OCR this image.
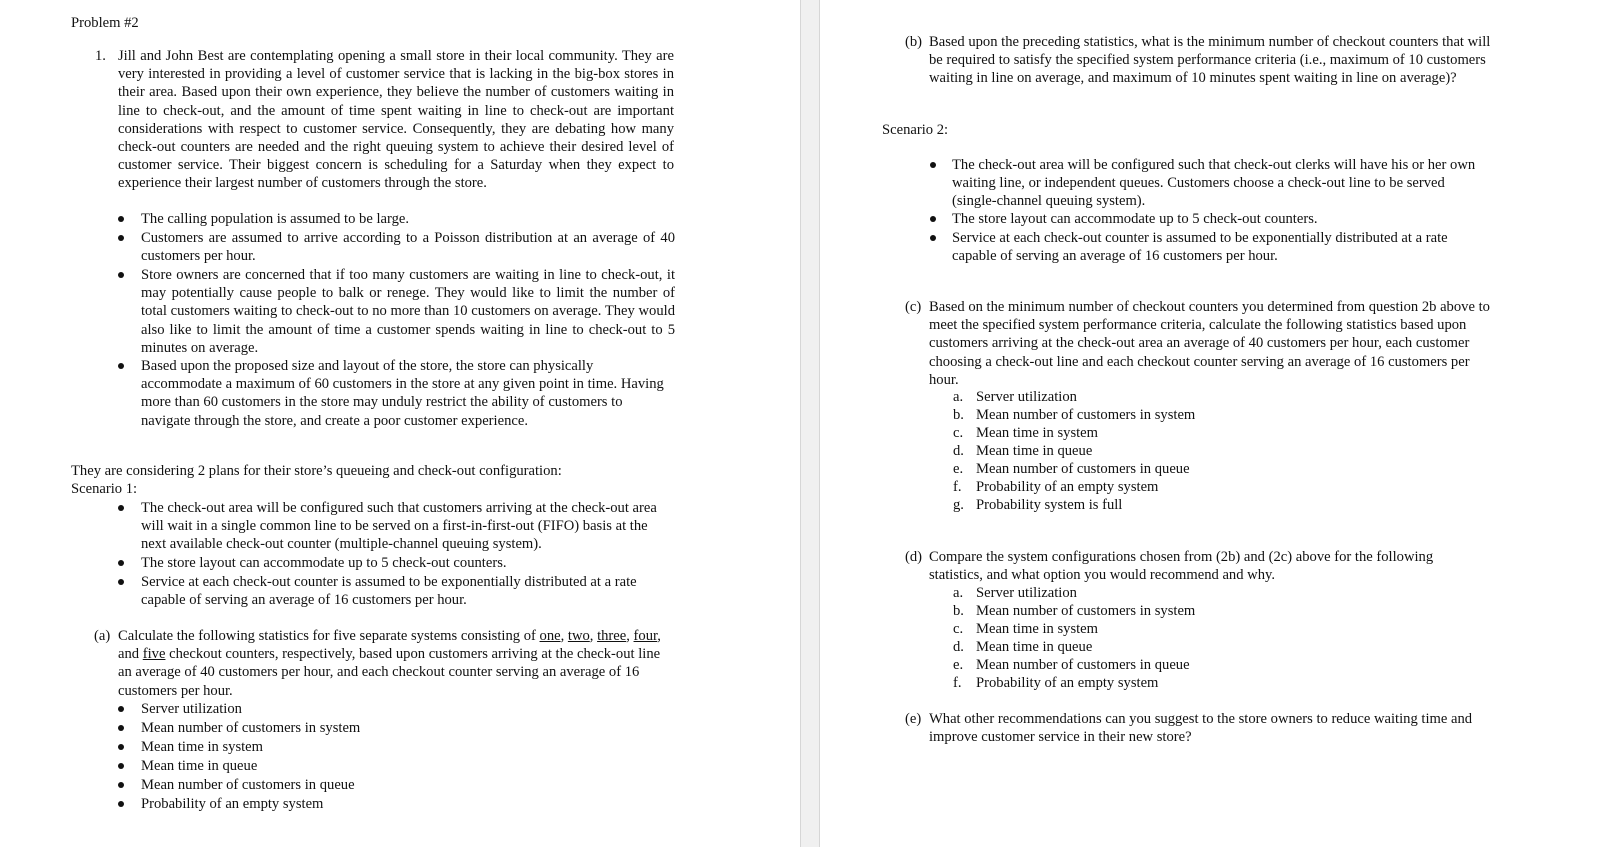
Problem #2
1. Jill and John Best are contemplating opening a small store in their local community. They are very interested in providing a level of customer service that is lacking in the big-box stores in their area. Based upon their own experience, they believe the number of customers waiting in line to check-out, and the amount of time spent waiting in line to check-out are important considerations with respect to customer service. Consequently, they are debating how many check-out counters are needed and the right queuing system to achieve their desired level of customer service. Their biggest concern is scheduling for a Saturday when they expect to experience their largest number of customers through the store.
The calling population is assumed to be large.
Customers are assumed to arrive according to a Poisson distribution at an average of 40 customers per hour.
Store owners are concerned that if too many customers are waiting in line to check-out, it may potentially cause people to balk or renege. They would like to limit the number of total customers waiting to check-out to no more than 10 customers on average. They would also like to limit the amount of time a customer spends waiting in line to check-out to 5 minutes on average.
Based upon the proposed size and layout of the store, the store can physically accommodate a maximum of 60 customers in the store at any given point in time. Having more than 60 customers in the store may unduly restrict the ability of customers to navigate through the store, and create a poor customer experience.
They are considering 2 plans for their store’s queueing and check-out configuration:
Scenario 1:
The check-out area will be configured such that customers arriving at the check-out area will wait in a single common line to be served on a first-in-first-out (FIFO) basis at the next available check-out counter (multiple-channel queuing system).
The store layout can accommodate up to 5 check-out counters.
Service at each check-out counter is assumed to be exponentially distributed at a rate capable of serving an average of 16 customers per hour.
(a) Calculate the following statistics for five separate systems consisting of one, two, three, four, and five checkout counters, respectively, based upon customers arriving at the check-out line an average of 40 customers per hour, and each checkout counter serving an average of 16 customers per hour.
Server utilization
Mean number of customers in system
Mean time in system
Mean time in queue
Mean number of customers in queue
Probability of an empty system
(b) Based upon the preceding statistics, what is the minimum number of checkout counters that will be required to satisfy the specified system performance criteria (i.e., maximum of 10 customers waiting in line on average, and maximum of 10 minutes spent waiting in line on average)?
Scenario 2:
The check-out area will be configured such that check-out clerks will have his or her own waiting line, or independent queues. Customers choose a check-out line to be served (single-channel queuing system).
The store layout can accommodate up to 5 check-out counters.
Service at each check-out counter is assumed to be exponentially distributed at a rate capable of serving an average of 16 customers per hour.
(c) Based on the minimum number of checkout counters you determined from question 2b above to meet the specified system performance criteria, calculate the following statistics based upon customers arriving at the check-out area an average of 40 customers per hour, each customer choosing a check-out line and each checkout counter serving an average of 16 customers per hour.
a. Server utilization
b. Mean number of customers in system
c. Mean time in system
d. Mean time in queue
e. Mean number of customers in queue
f. Probability of an empty system
g. Probability system is full
(d) Compare the system configurations chosen from (2b) and (2c) above for the following statistics, and what option you would recommend and why.
a. Server utilization
b. Mean number of customers in system
c. Mean time in system
d. Mean time in queue
e. Mean number of customers in queue
f. Probability of an empty system
(e) What other recommendations can you suggest to the store owners to reduce waiting time and improve customer service in their new store?
